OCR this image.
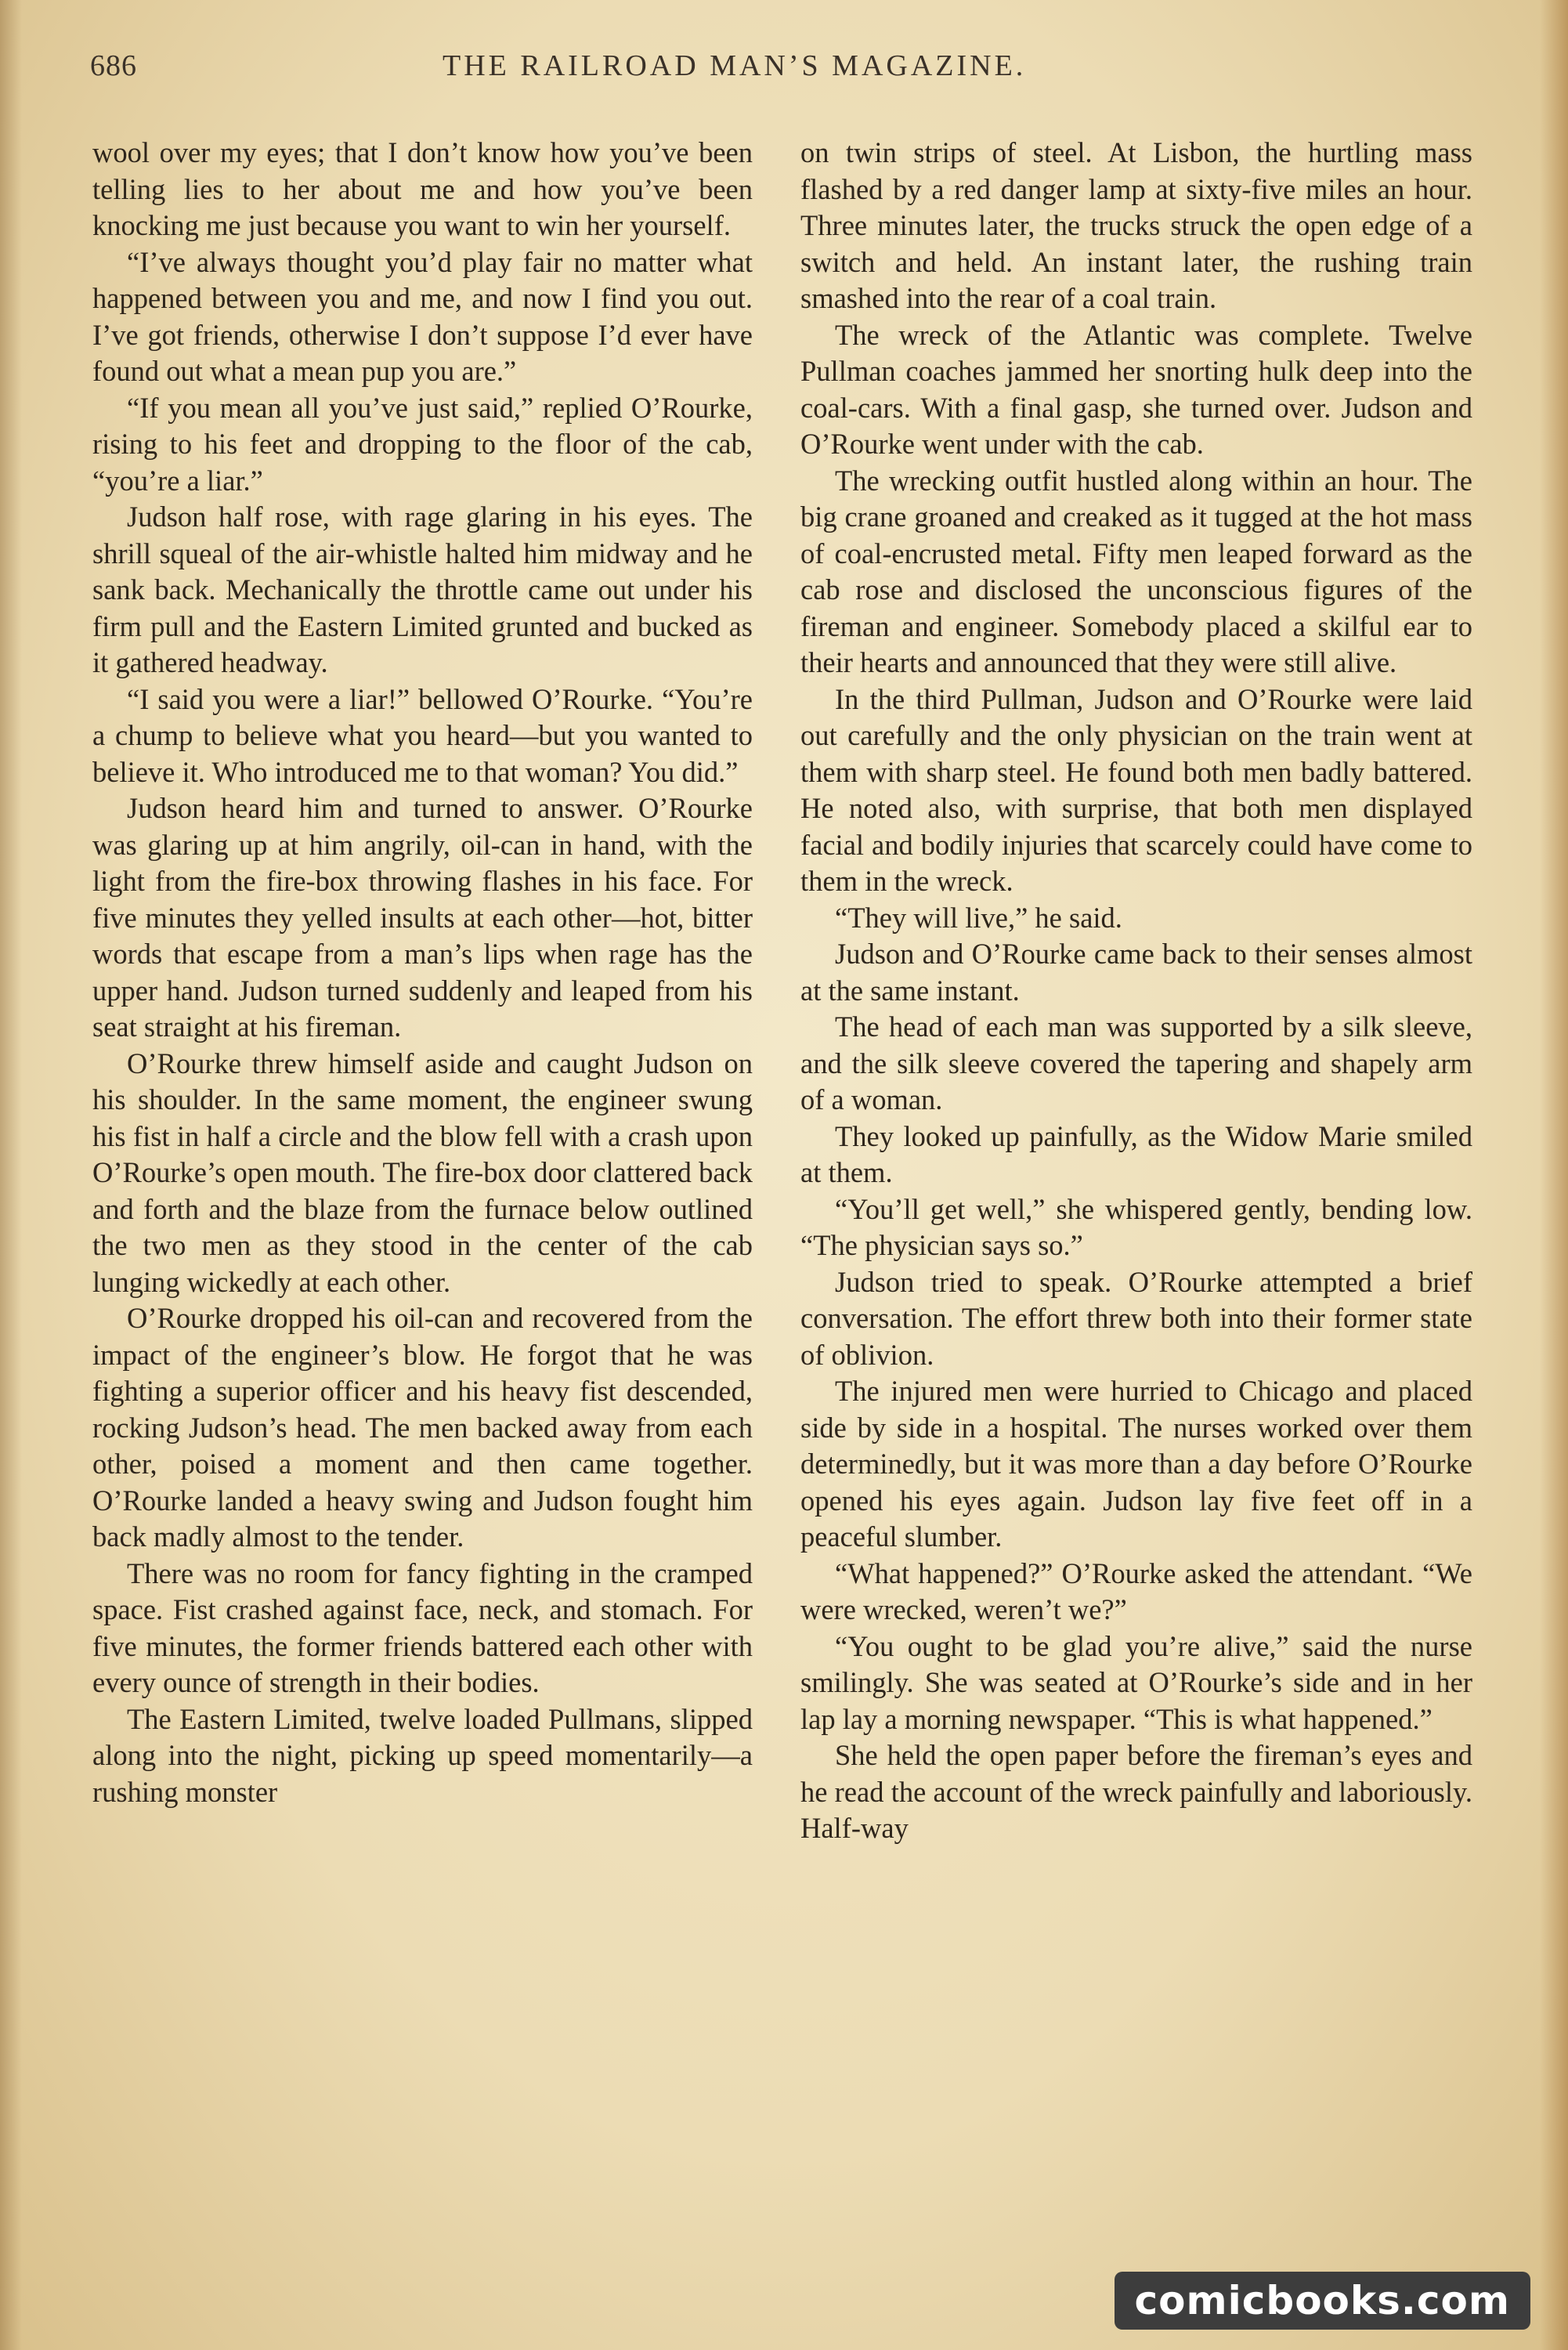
686	THE RAILROAD MAN’S MAGAZINE.

wool over my eyes; that I don’t know how you’ve been telling lies to her about me and how you’ve been knocking me just because you want to win her yourself.

“I’ve always thought you’d play fair no matter what happened between you and me, and now I find you out. I’ve got friends, otherwise I don’t suppose I’d ever have found out what a mean pup you are.”

“If you mean all you’ve just said,” replied O’Rourke, rising to his feet and dropping to the floor of the cab, “you’re a liar.”

Judson half rose, with rage glaring in his eyes. The shrill squeal of the air-whistle halted him midway and he sank back. Mechanically the throttle came out under his firm pull and the Eastern Limited grunted and bucked as it gathered headway.

“I said you were a liar!” bellowed O’Rourke. “You’re a chump to believe what you heard—but you wanted to believe it. Who introduced me to that woman? You did.”

Judson heard him and turned to answer. O’Rourke was glaring up at him angrily, oil-can in hand, with the light from the fire-box throwing flashes in his face. For five minutes they yelled insults at each other—hot, bitter words that escape from a man’s lips when rage has the upper hand. Judson turned suddenly and leaped from his seat straight at his fireman.

O’Rourke threw himself aside and caught Judson on his shoulder. In the same moment, the engineer swung his fist in half a circle and the blow fell with a crash upon O’Rourke’s open mouth. The fire-box door clattered back and forth and the blaze from the furnace below outlined the two men as they stood in the center of the cab lunging wickedly at each other.

O’Rourke dropped his oil-can and recovered from the impact of the engineer’s blow. He forgot that he was fighting a superior officer and his heavy fist descended, rocking Judson’s head. The men backed away from each other, poised a moment and then came together. O’Rourke landed a heavy swing and Judson fought him back madly almost to the tender.

There was no room for fancy fighting in the cramped space. Fist crashed against face, neck, and stomach. For five minutes, the former friends battered each other with every ounce of strength in their bodies.

The Eastern Limited, twelve loaded Pullmans, slipped along into the night, picking up speed momentarily—a rushing monster

on twin strips of steel. At Lisbon, the hurtling mass flashed by a red danger lamp at sixty-five miles an hour. Three minutes later, the trucks struck the open edge of a switch and held. An instant later, the rushing train smashed into the rear of a coal train.

The wreck of the Atlantic was complete. Twelve Pullman coaches jammed her snorting hulk deep into the coal-cars. With a final gasp, she turned over. Judson and O’Rourke went under with the cab.

The wrecking outfit hustled along within an hour. The big crane groaned and creaked as it tugged at the hot mass of coal-encrusted metal. Fifty men leaped forward as the cab rose and disclosed the unconscious figures of the fireman and engineer. Somebody placed a skilful ear to their hearts and announced that they were still alive.

In the third Pullman, Judson and O’Rourke were laid out carefully and the only physician on the train went at them with sharp steel. He found both men badly battered. He noted also, with surprise, that both men displayed facial and bodily injuries that scarcely could have come to them in the wreck.

“They will live,” he said.

Judson and O’Rourke came back to their senses almost at the same instant.

The head of each man was supported by a silk sleeve, and the silk sleeve covered the tapering and shapely arm of a woman.

They looked up painfully, as the Widow Marie smiled at them.

“You’ll get well,” she whispered gently, bending low. “The physician says so.”

Judson tried to speak. O’Rourke attempted a brief conversation. The effort threw both into their former state of oblivion.

The injured men were hurried to Chicago and placed side by side in a hospital. The nurses worked over them determinedly, but it was more than a day before O’Rourke opened his eyes again. Judson lay five feet off in a peaceful slumber.

“What happened?” O’Rourke asked the attendant. “We were wrecked, weren’t we?”

“You ought to be glad you’re alive,” said the nurse smilingly. She was seated at O’Rourke’s side and in her lap lay a morning newspaper. “This is what happened.”

She held the open paper before the fireman’s eyes and he read the account of the wreck painfully and laboriously. Half-way

comicbooks.com
